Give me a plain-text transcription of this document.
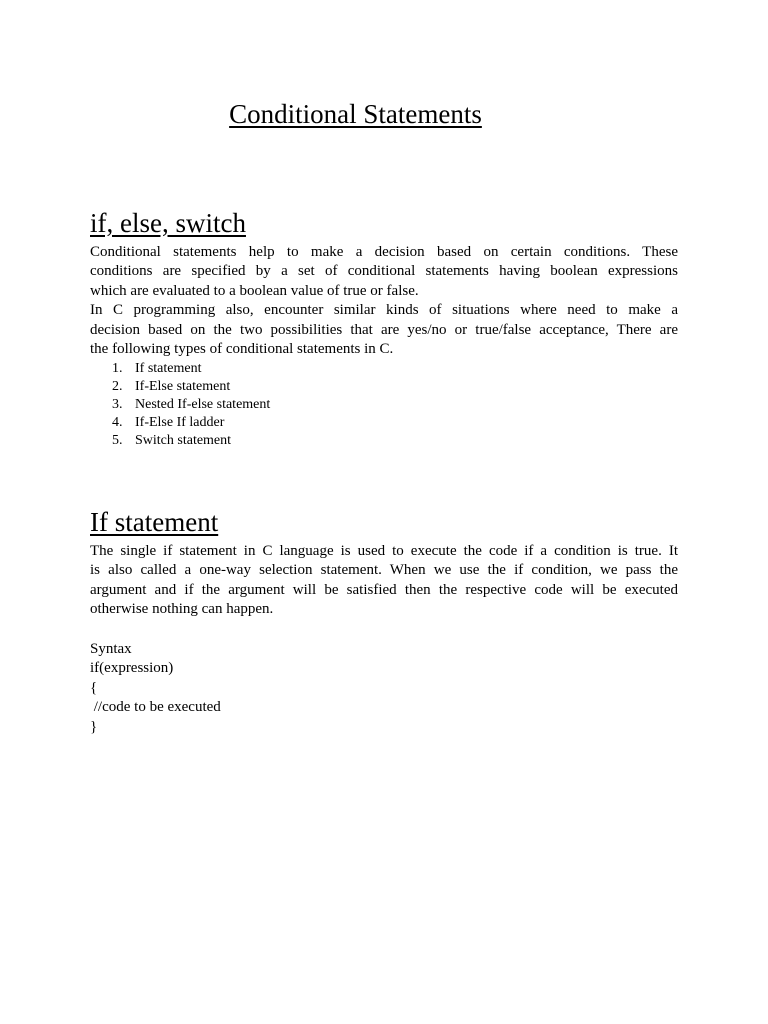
Conditional Statements
if, else, switch
Conditional statements help to make a decision based on certain conditions. These
conditions are specified by a set of conditional statements having boolean expressions
which are evaluated to a boolean value of true or false.
In C programming also, encounter similar kinds of situations where need to make a
decision based on the two possibilities that are yes/no or true/false acceptance, There are
the following types of conditional statements in C.
1. If statement
2. If-Else statement
3. Nested If-else statement
4. If-Else If ladder
5. Switch statement
If statement
The single if statement in C language is used to execute the code if a condition is true. It
is also called a one-way selection statement. When we use the if condition, we pass the
argument and if the argument will be satisfied then the respective code will be executed
otherwise nothing can happen.
Syntax
if(expression)
{
//code to be executed
}
